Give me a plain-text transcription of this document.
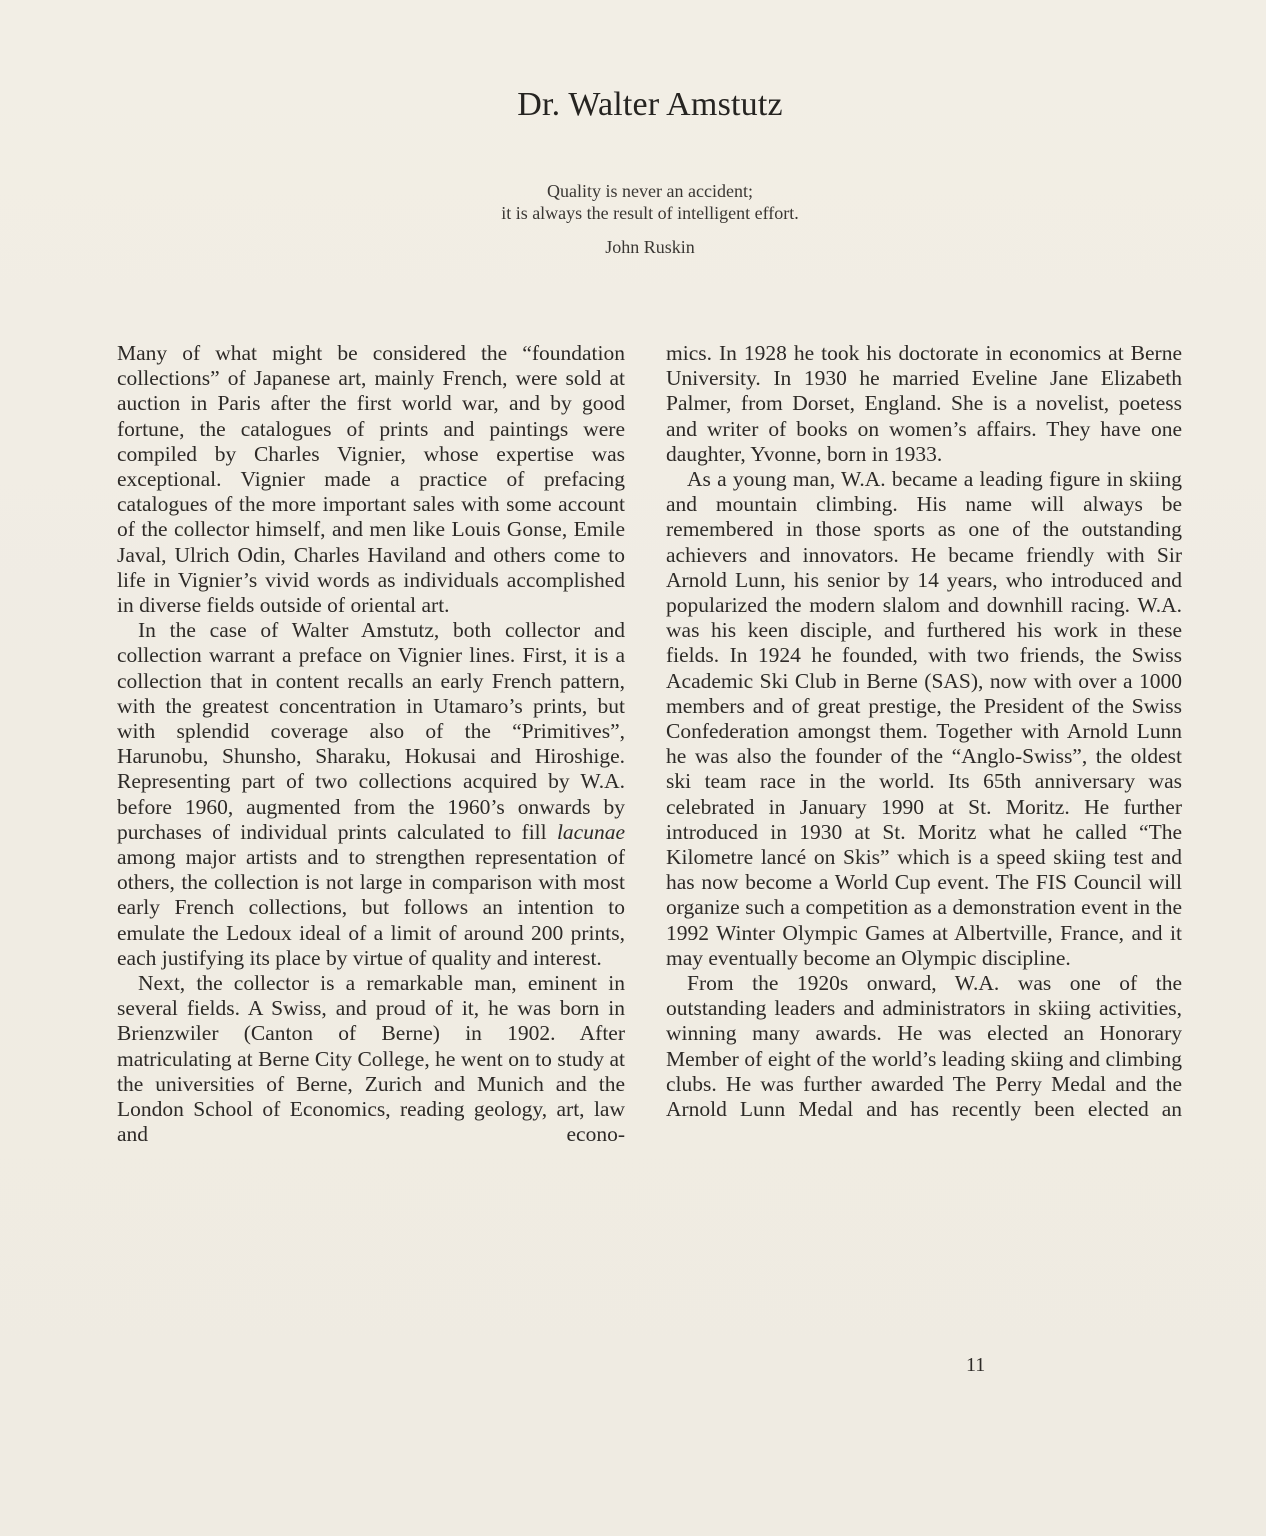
Dr. Walter Amstutz
Quality is never an accident;
it is always the result of intelligent effort.
John Ruskin

Many of what might be considered the “foundation collections” of Japanese art, mainly French, were sold at auction in Paris after the first world war, and by good fortune, the catalogues of prints and paintings were compiled by Charles Vignier, whose expertise was exceptional. Vignier made a practice of prefacing catalogues of the more important sales with some account of the collector himself, and men like Louis Gonse, Emile Javal, Ulrich Odin, Charles Haviland and others come to life in Vignier’s vivid words as individuals accomplished in diverse fields outside of oriental art.

In the case of Walter Amstutz, both collector and collection warrant a preface on Vignier lines. First, it is a collection that in content recalls an early French pattern, with the greatest concentration in Utamaro’s prints, but with splendid coverage also of the “Primitives”, Harunobu, Shunsho, Sharaku, Hokusai and Hiroshige. Representing part of two collections acquired by W.A. before 1960, augmented from the 1960’s onwards by purchases of individual prints calculated to fill lacunae among major artists and to strengthen representation of others, the collection is not large in comparison with most early French collections, but follows an intention to emulate the Ledoux ideal of a limit of around 200 prints, each justifying its place by virtue of quality and interest.

Next, the collector is a remarkable man, eminent in several fields. A Swiss, and proud of it, he was born in Brienzwiler (Canton of Berne) in 1902. After matriculating at Berne City College, he went on to study at the universities of Berne, Zurich and Munich and the London School of Economics, reading geology, art, law and econo-

mics. In 1928 he took his doctorate in economics at Berne University. In 1930 he married Eveline Jane Elizabeth Palmer, from Dorset, England. She is a novelist, poetess and writer of books on women’s affairs. They have one daughter, Yvonne, born in 1933.

As a young man, W.A. became a leading figure in skiing and mountain climbing. His name will always be remembered in those sports as one of the outstanding achievers and innovators. He became friendly with Sir Arnold Lunn, his senior by 14 years, who introduced and popularized the modern slalom and downhill racing. W.A. was his keen disciple, and furthered his work in these fields. In 1924 he founded, with two friends, the Swiss Academic Ski Club in Berne (SAS), now with over a 1000 members and of great prestige, the President of the Swiss Confederation amongst them. Together with Arnold Lunn he was also the founder of the “Anglo-Swiss”, the oldest ski team race in the world. Its 65th anniversary was celebrated in January 1990 at St. Moritz. He further introduced in 1930 at St. Moritz what he called “The Kilometre lancé on Skis” which is a speed skiing test and has now become a World Cup event. The FIS Council will organize such a competition as a demonstration event in the 1992 Winter Olympic Games at Albertville, France, and it may eventually become an Olympic discipline.

From the 1920s onward, W.A. was one of the outstanding leaders and administrators in skiing activities, winning many awards. He was elected an Honorary Member of eight of the world’s leading skiing and climbing clubs. He was further awarded The Perry Medal and the Arnold Lunn Medal and has recently been elected an

11
